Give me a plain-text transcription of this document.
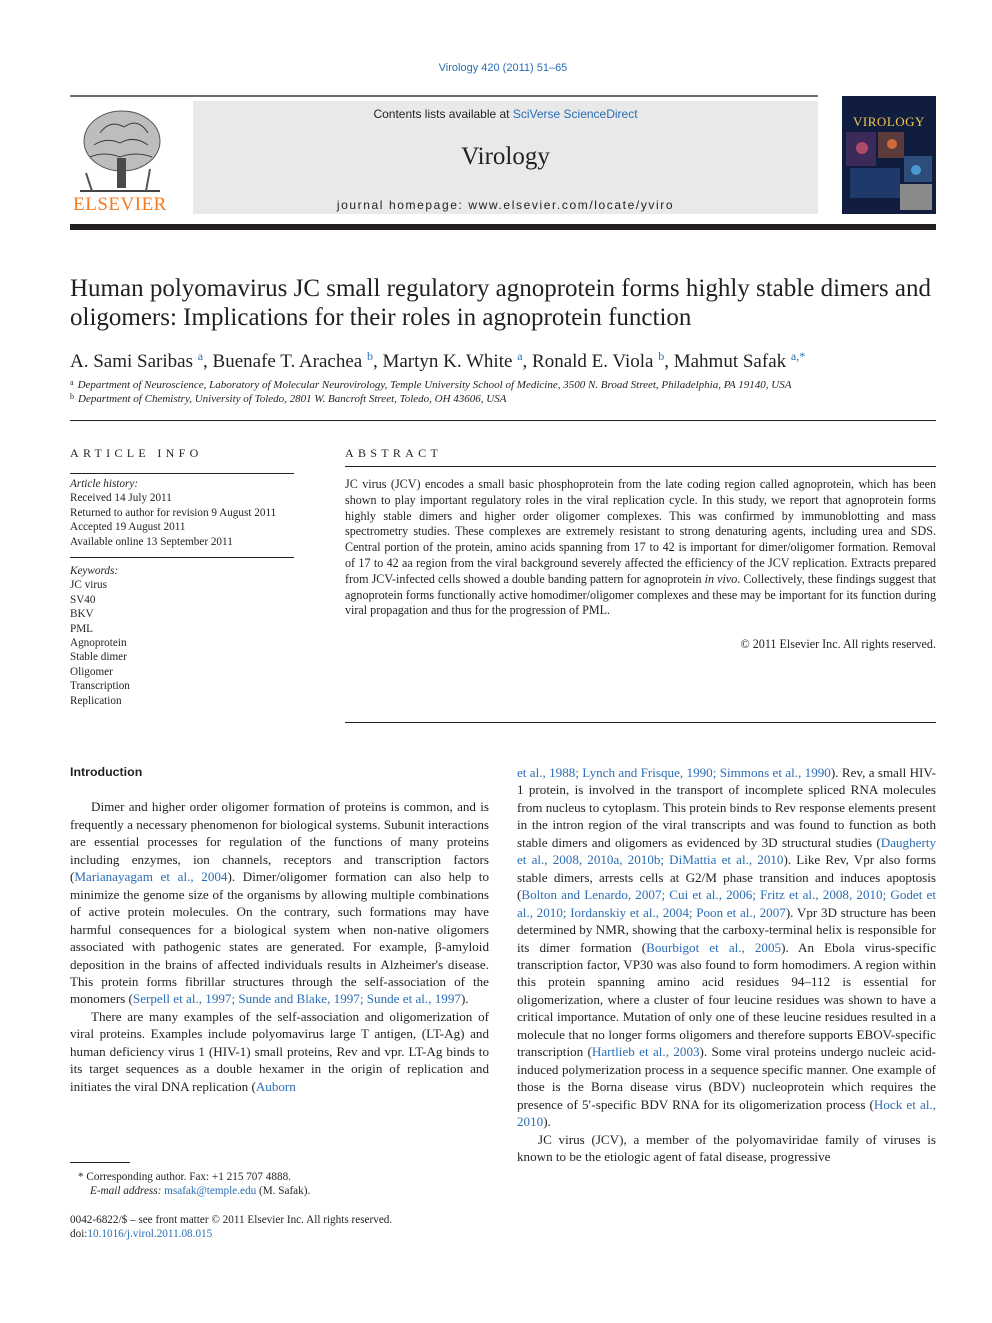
Virology 420 (2011) 51–65
ELSEVIER
Contents lists available at SciVerse ScienceDirect
Virology
journal homepage: www.elsevier.com/locate/yviro
VIROLOGY
Human polyomavirus JC small regulatory agnoprotein forms highly stable dimers and oligomers: Implications for their roles in agnoprotein function
A. Sami Saribas $^a$, Buenafe T. Arachea $^b$, Martyn K. White $^a$, Ronald E. Viola $^b$, Mahmut Safak $^{a,*}$
$^a$ Department of Neuroscience, Laboratory of Molecular Neurovirology, Temple University School of Medicine, 3500 N. Broad Street, Philadelphia, PA 19140, USA
$^b$ Department of Chemistry, University of Toledo, 2801 W. Bancroft Street, Toledo, OH 43606, USA
ARTICLE INFO
Article history:
Received 14 July 2011
Returned to author for revision 9 August 2011
Accepted 19 August 2011
Available online 13 September 2011
Keywords:
JC virus
SV40
BKV
PML
Agnoprotein
Stable dimer
Oligomer
Transcription
Replication
ABSTRACT
JC virus (JCV) encodes a small basic phosphoprotein from the late coding region called agnoprotein, which has been shown to play important regulatory roles in the viral replication cycle. In this study, we report that agnoprotein forms highly stable dimers and higher order oligomer complexes. This was confirmed by immunoblotting and mass spectrometry studies. These complexes are extremely resistant to strong denaturing agents, including urea and SDS. Central portion of the protein, amino acids spanning from 17 to 42 is important for dimer/oligomer formation. Removal of 17 to 42 aa region from the viral background severely affected the efficiency of the JCV replication. Extracts prepared from JCV-infected cells showed a double banding pattern for agnoprotein in vivo. Collectively, these findings suggest that agnoprotein forms functionally active homodimer/oligomer complexes and these may be important for its function during viral propagation and thus for the progression of PML.
© 2011 Elsevier Inc. All rights reserved.
Introduction

Dimer and higher order oligomer formation of proteins is common, and is frequently a necessary phenomenon for biological systems. Subunit interactions are essential processes for regulation of the functions of many proteins including enzymes, ion channels, receptors and transcription factors (Marianayagam et al., 2004). Dimer/oligomer formation can also help to minimize the genome size of the organisms by allowing multiple combinations of active protein molecules. On the contrary, such formations may have harmful consequences for a biological system when non-native oligomers associated with pathogenic states are generated. For example, β-amyloid deposition in the brains of affected individuals results in Alzheimer's disease. This protein forms fibrillar structures through the self-association of the monomers (Serpell et al., 1997; Sunde and Blake, 1997; Sunde et al., 1997).

There are many examples of the self-association and oligomerization of viral proteins. Examples include polyomavirus large T antigen, (LT-Ag) and human deficiency virus 1 (HIV-1) small proteins, Rev and vpr. LT-Ag binds to its target sequences as a double hexamer in the origin of replication and initiates the viral DNA replication (Auborn

et al., 1988; Lynch and Frisque, 1990; Simmons et al., 1990). Rev, a small HIV-1 protein, is involved in the transport of incomplete spliced RNA molecules from nucleus to cytoplasm. This protein binds to Rev response elements present in the intron region of the viral transcripts and was found to function as both stable dimers and oligomers as evidenced by 3D structural studies (Daugherty et al., 2008, 2010a, 2010b; DiMattia et al., 2010). Like Rev, Vpr also forms stable dimers, arrests cells at G2/M phase transition and induces apoptosis (Bolton and Lenardo, 2007; Cui et al., 2006; Fritz et al., 2008, 2010; Godet et al., 2010; Iordanskiy et al., 2004; Poon et al., 2007). Vpr 3D structure has been determined by NMR, showing that the carboxy-terminal helix is responsible for its dimer formation (Bourbigot et al., 2005). An Ebola virus-specific transcription factor, VP30 was also found to form homodimers. A region within this protein spanning amino acid residues 94–112 is essential for oligomerization, where a cluster of four leucine residues was shown to have a critical importance. Mutation of only one of these leucine residues resulted in a molecule that no longer forms oligomers and therefore supports EBOV-specific transcription (Hartlieb et al., 2003). Some viral proteins undergo nucleic acid-induced polymerization process in a sequence specific manner. One example of those is the Borna disease virus (BDV) nucleoprotein which requires the presence of 5′-specific BDV RNA for its oligomerization process (Hock et al., 2010).

JC virus (JCV), a member of the polyomaviridae family of viruses is known to be the etiologic agent of fatal disease, progressive

* Corresponding author. Fax: +1 215 707 4888.
E-mail address: msafak@temple.edu (M. Safak).
0042-6822/$ – see front matter © 2011 Elsevier Inc. All rights reserved.
doi:10.1016/j.virol.2011.08.015
